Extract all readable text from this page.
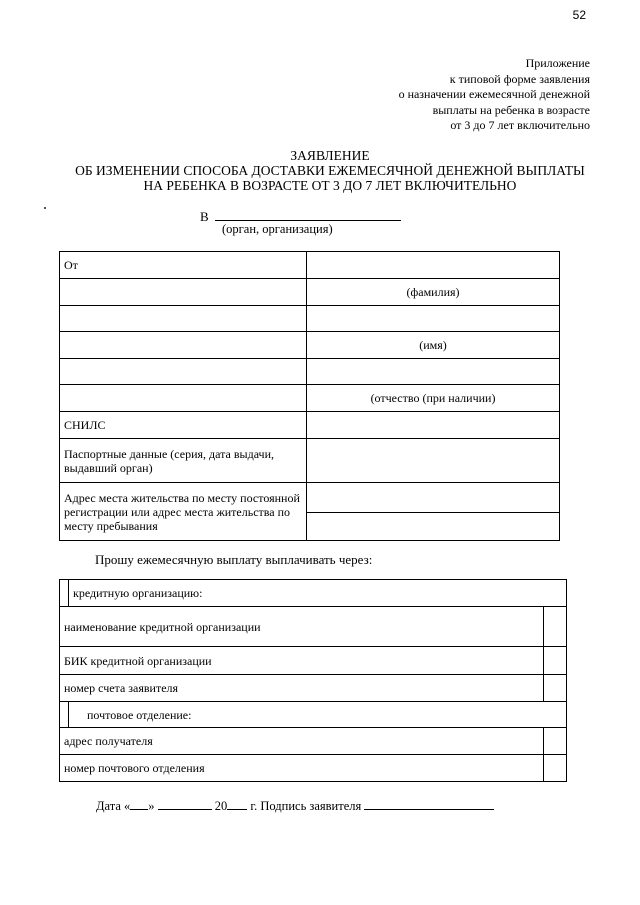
52
Приложение
к типовой форме заявления
о назначении ежемесячной денежной
выплаты на ребенка в возрасте
от 3 до 7 лет включительно
ЗАЯВЛЕНИЕ
ОБ ИЗМЕНЕНИИ СПОСОБА ДОСТАВКИ ЕЖЕМЕСЯЧНОЙ ДЕНЕЖНОЙ ВЫПЛАТЫ
НА РЕБЕНКА В ВОЗРАСТЕ ОТ 3 ДО 7 ЛЕТ ВКЛЮЧИТЕЛЬНО
В
(орган, организация)
От	
	(фамилия)

	(имя)

	(отчество (при наличии)
СНИЛС	
Паспортные данные (серия, дата выдачи, выдавший орган)	
Адрес места жительства по месту постоянной регистрации или адрес места жительства по месту пребывания	

Прошу ежемесячную выплату выплачивать через:
	кредитную организацию:	
наименование кредитной организации		
БИК кредитной организации		
номер счета заявителя		
	почтовое отделение:	
адрес получателя		
номер почтового отделения		
Дата « »	20 г. Подпись заявителя
